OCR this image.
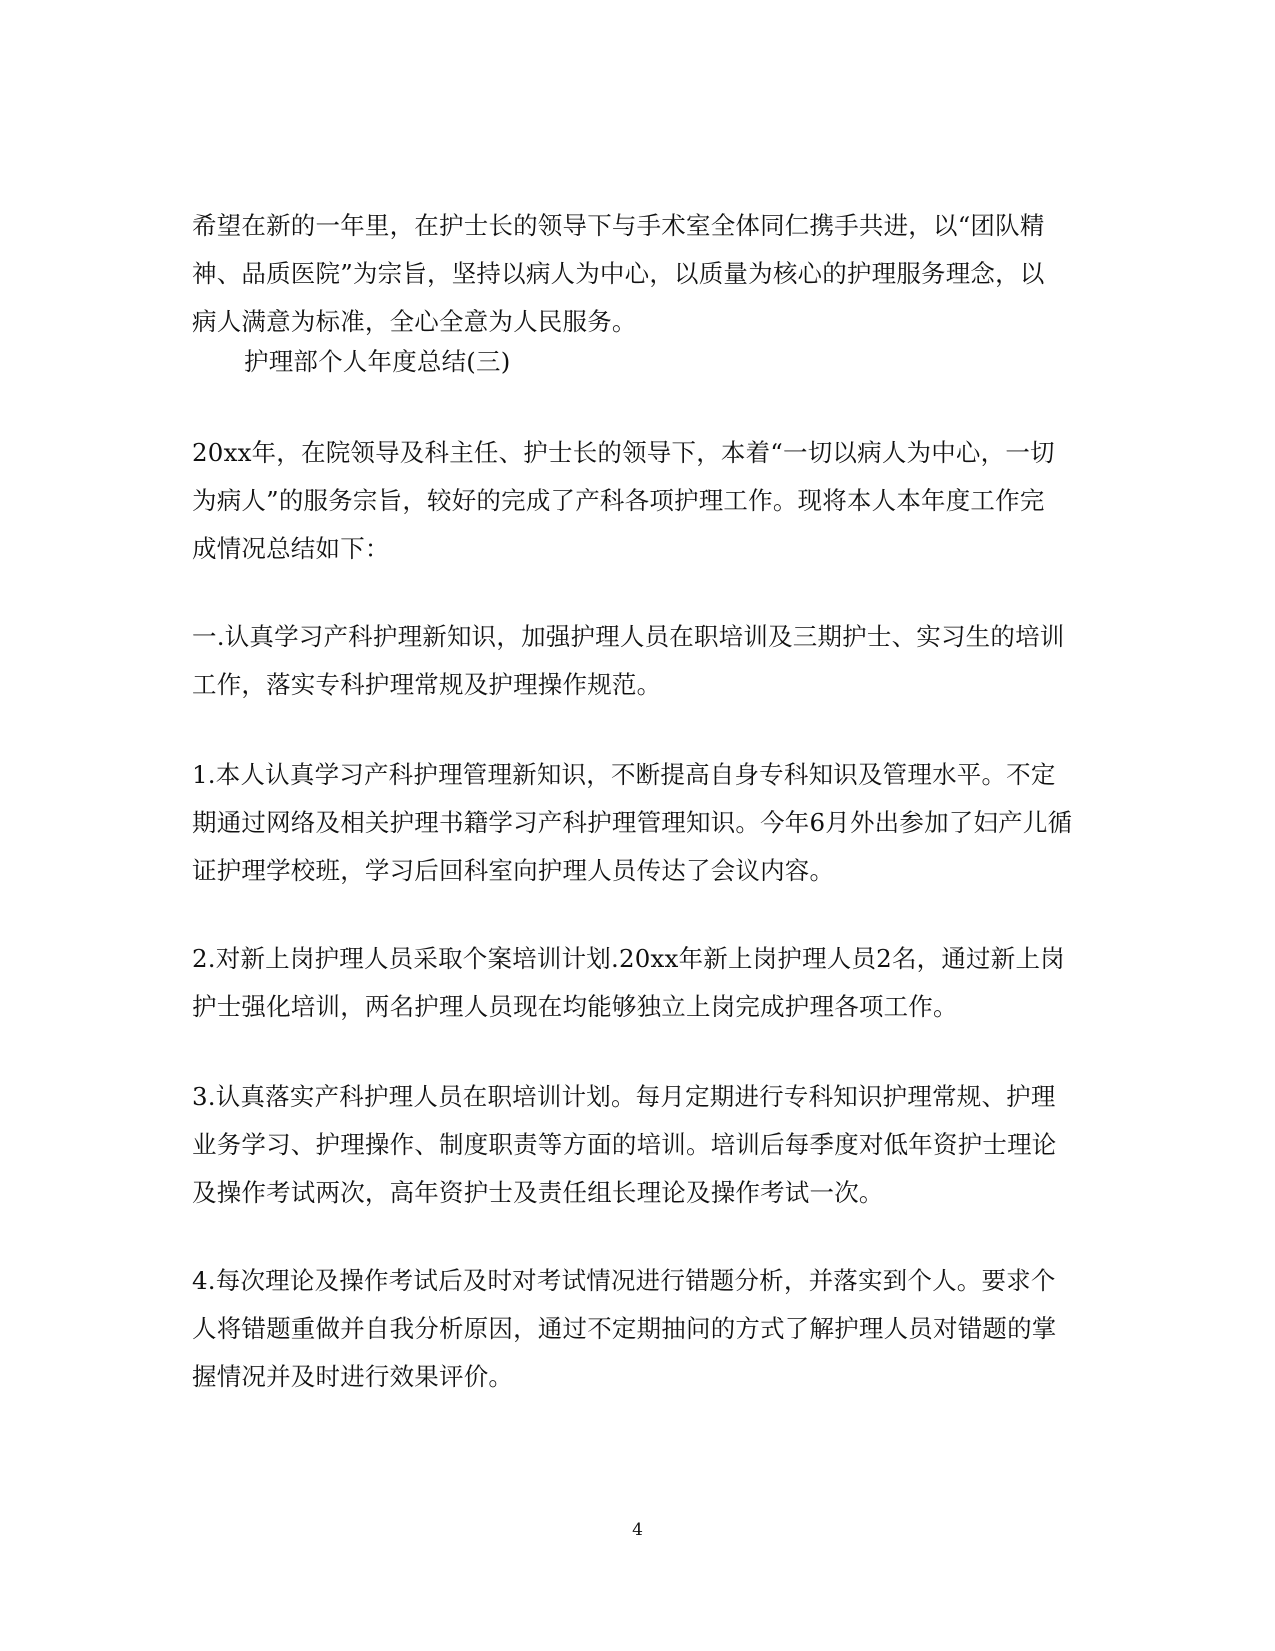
希望在新的一年里，在护士长的领导下与手术室全体同仁携手共进，以“团队精
神、品质医院”为宗旨，坚持以病人为中心，以质量为核心的护理服务理念，以
病人满意为标准，全心全意为人民服务。
护理部个人年度总结(三)
20xx年，在院领导及科主任、护士长的领导下，本着“一切以病人为中心，一切
为病人”的服务宗旨，较好的完成了产科各项护理工作。现将本人本年度工作完
成情况总结如下：
一.认真学习产科护理新知识，加强护理人员在职培训及三期护士、实习生的培训
工作，落实专科护理常规及护理操作规范。
1.本人认真学习产科护理管理新知识，不断提高自身专科知识及管理水平。不定
期通过网络及相关护理书籍学习产科护理管理知识。今年6月外出参加了妇产儿循
证护理学校班，学习后回科室向护理人员传达了会议内容。
2.对新上岗护理人员采取个案培训计划.20xx年新上岗护理人员2名，通过新上岗
护士强化培训，两名护理人员现在均能够独立上岗完成护理各项工作。
3.认真落实产科护理人员在职培训计划。每月定期进行专科知识护理常规、护理
业务学习、护理操作、制度职责等方面的培训。培训后每季度对低年资护士理论
及操作考试两次，高年资护士及责任组长理论及操作考试一次。
4.每次理论及操作考试后及时对考试情况进行错题分析，并落实到个人。要求个
人将错题重做并自我分析原因，通过不定期抽问的方式了解护理人员对错题的掌
握情况并及时进行效果评价。
4
